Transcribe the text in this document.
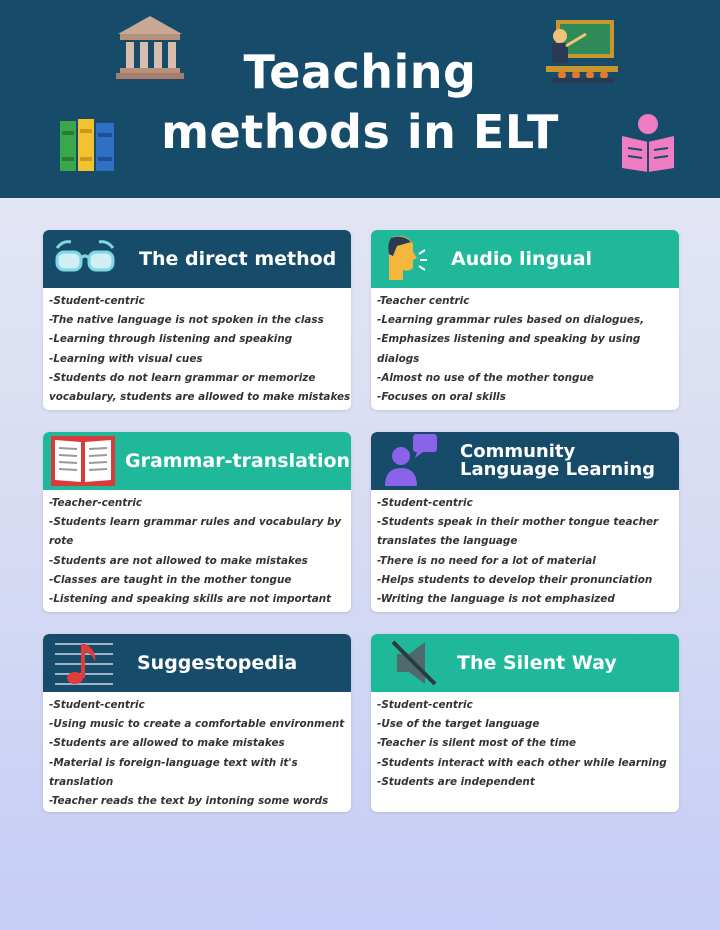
Teaching
methods in ELT
The direct method
-Student-centric
-The native language is not spoken in the class
-Learning through listening and speaking
-Learning with visual cues
-Students do not learn grammar or memorize
vocabulary, students are allowed to make mistakes
Audio lingual
-Teacher centric
-Learning grammar rules based on dialogues,
-Emphasizes listening and speaking by using
dialogs
-Almost no use of the mother tongue
-Focuses on oral skills
Grammar-translation
-Teacher-centric
-Students learn grammar rules and vocabulary by
rote
-Students are not allowed to make mistakes
-Classes are taught in the mother tongue
-Listening and speaking skills are not important
Community
Language Learning
-Student-centric
-Students speak in their mother tongue teacher
translates the language
-There is no need for a lot of material
-Helps students to develop their pronunciation
-Writing the language is not emphasized
Suggestopedia
-Student-centric
-Using music to create a comfortable environment
-Students are allowed to make mistakes
-Material is foreign-language text with it's
translation
-Teacher reads the text by intoning some words
The Silent Way
-Student-centric
-Use of the target language
-Teacher is silent most of the time
-Students interact with each other while learning
-Students are independent
